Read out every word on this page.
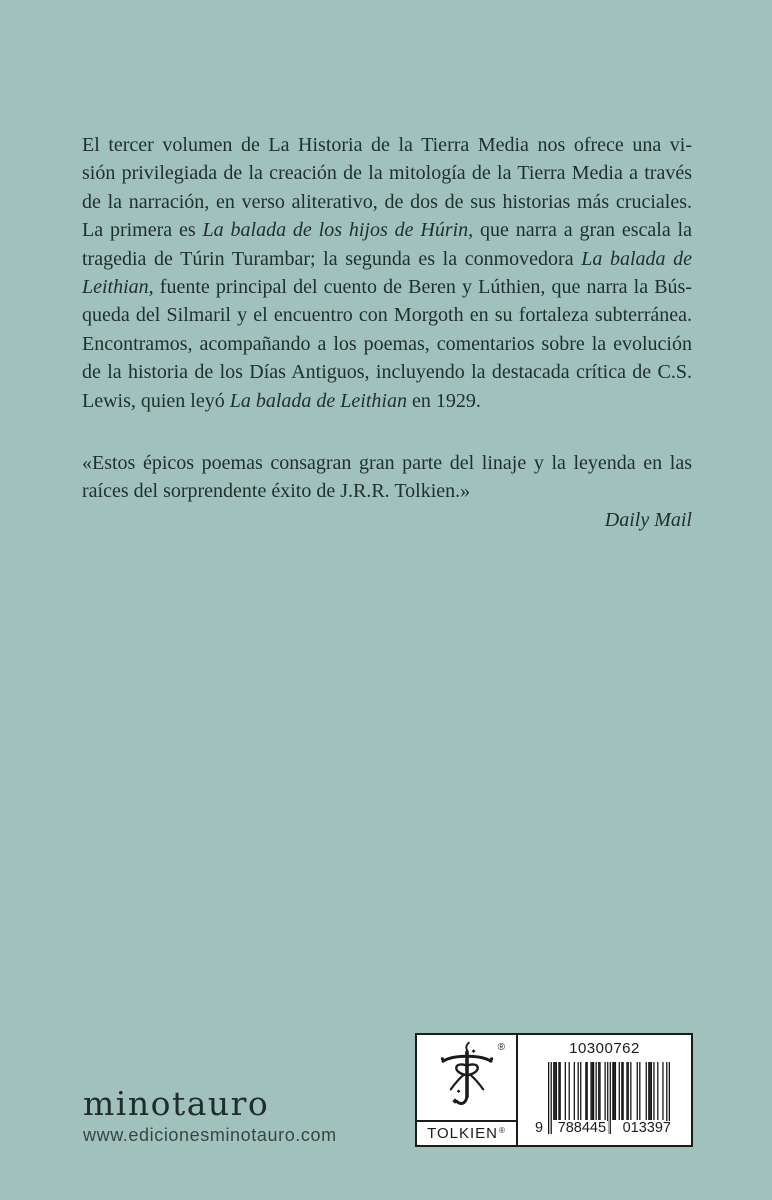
El tercer volumen de La Historia de la Tierra Media nos ofrece una vi-
sión privilegiada de la creación de la mitología de la Tierra Media a través
de la narración, en verso aliterativo, de dos de sus historias más cruciales.
La primera es La balada de los hijos de Húrin, que narra a gran escala la
tragedia de Túrin Turambar; la segunda es la conmovedora La balada de
Leithian, fuente principal del cuento de Beren y Lúthien, que narra la Bús-
queda del Silmaril y el encuentro con Morgoth en su fortaleza subterránea.
Encontramos, acompañando a los poemas, comentarios sobre la evolución
de la historia de los Días Antiguos, incluyendo la destacada crítica de C.S.
Lewis, quien leyó La balada de Leithian en 1929.
«Estos épicos poemas consagran gran parte del linaje y la leyenda en las
raíces del sorprendente éxito de J.R.R. Tolkien.»
Daily Mail
minotauro
www.edicionesminotauro.com
®
TOLKIEN ®
10300762
9 788445 013397
